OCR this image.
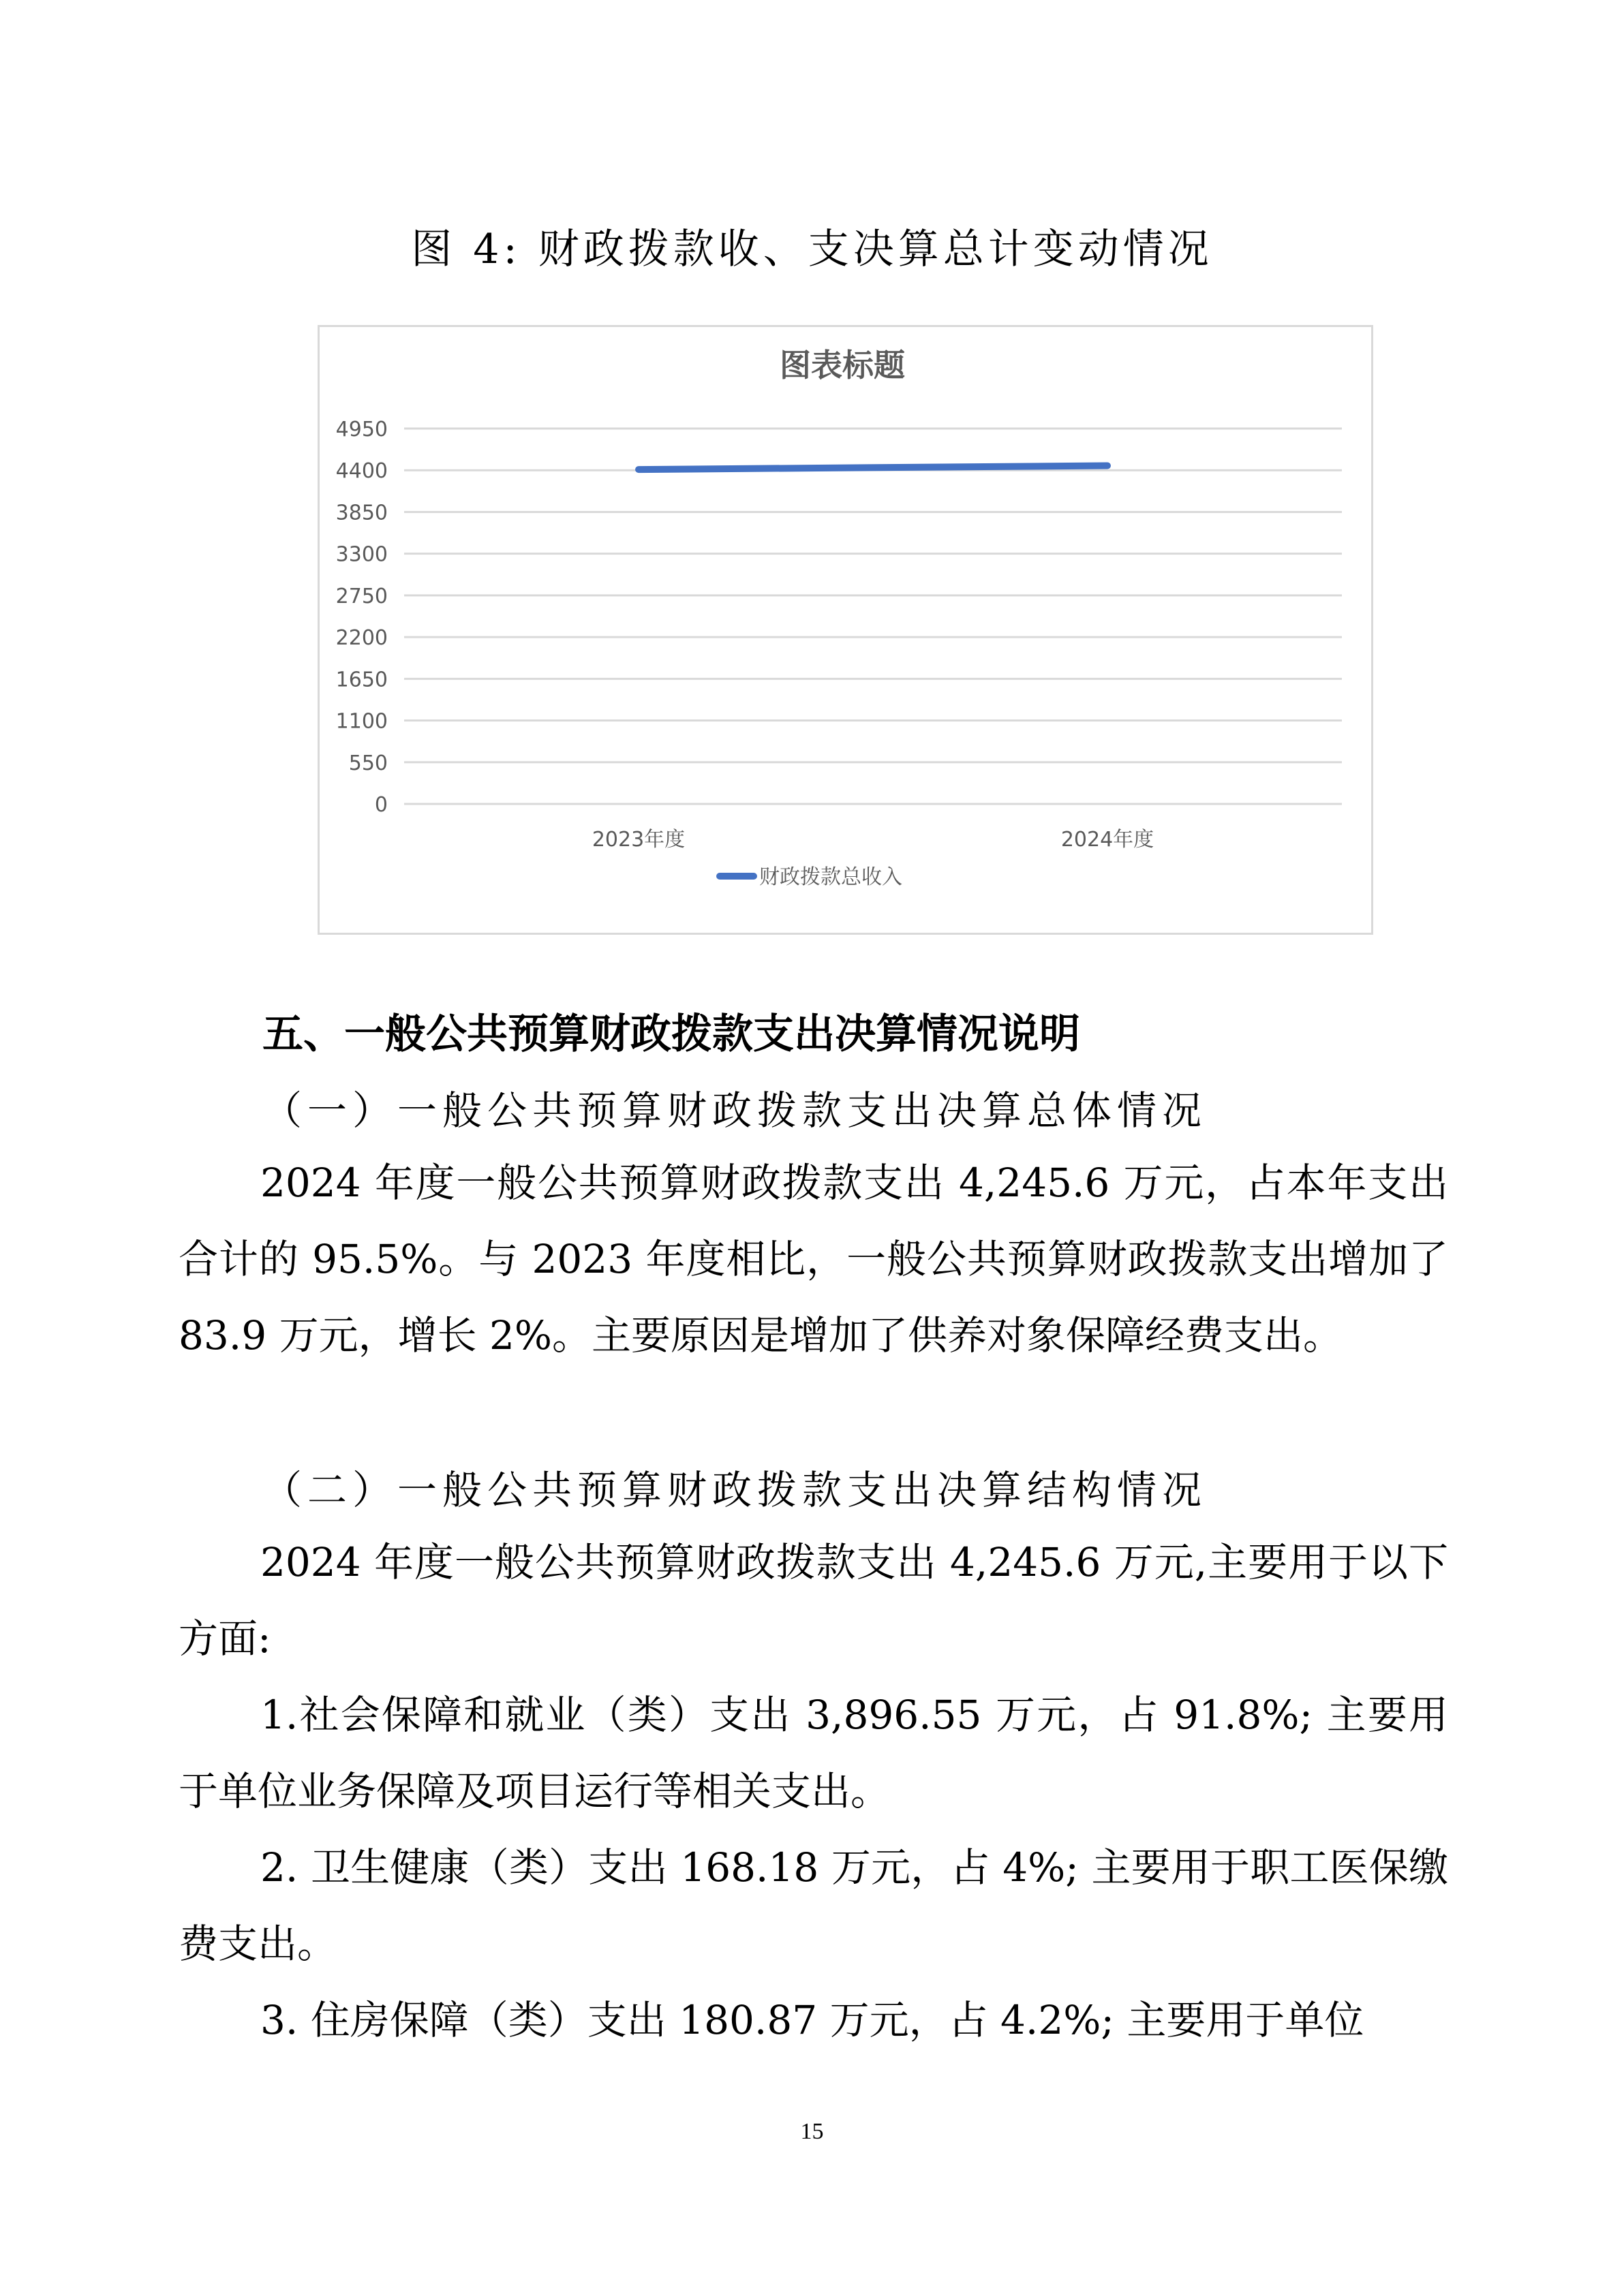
图 4: 财政拨款收、支决算总计变动情况
图表标题
0
550
1100
1650
2200
2750
3300
3850
4400
4950
2023年度	2024年度
财政拨款总收入
五、一般公共预算财政拨款支出决算情况说明
（一）一般公共预算财政拨款支出决算总体情况
2024 年度一般公共预算财政拨款支出 4,245.6 万元，占本年支出合计的 95.5%。与 2023 年度相比，一般公共预算财政拨款支出增加了 83.9 万元，增长 2%。主要原因是增加了供养对象保障经费支出。
（二）一般公共预算财政拨款支出决算结构情况
2024 年度一般公共预算财政拨款支出 4,245.6 万元,主要用于以下方面:
1.社会保障和就业（类）支出 3,896.55 万元，占 91.8%; 主要用于单位业务保障及项目运行等相关支出。
2. 卫生健康（类）支出 168.18 万元，占 4%; 主要用于职工医保缴费支出。
3. 住房保障（类）支出 180.87 万元，占 4.2%; 主要用于单位
15
